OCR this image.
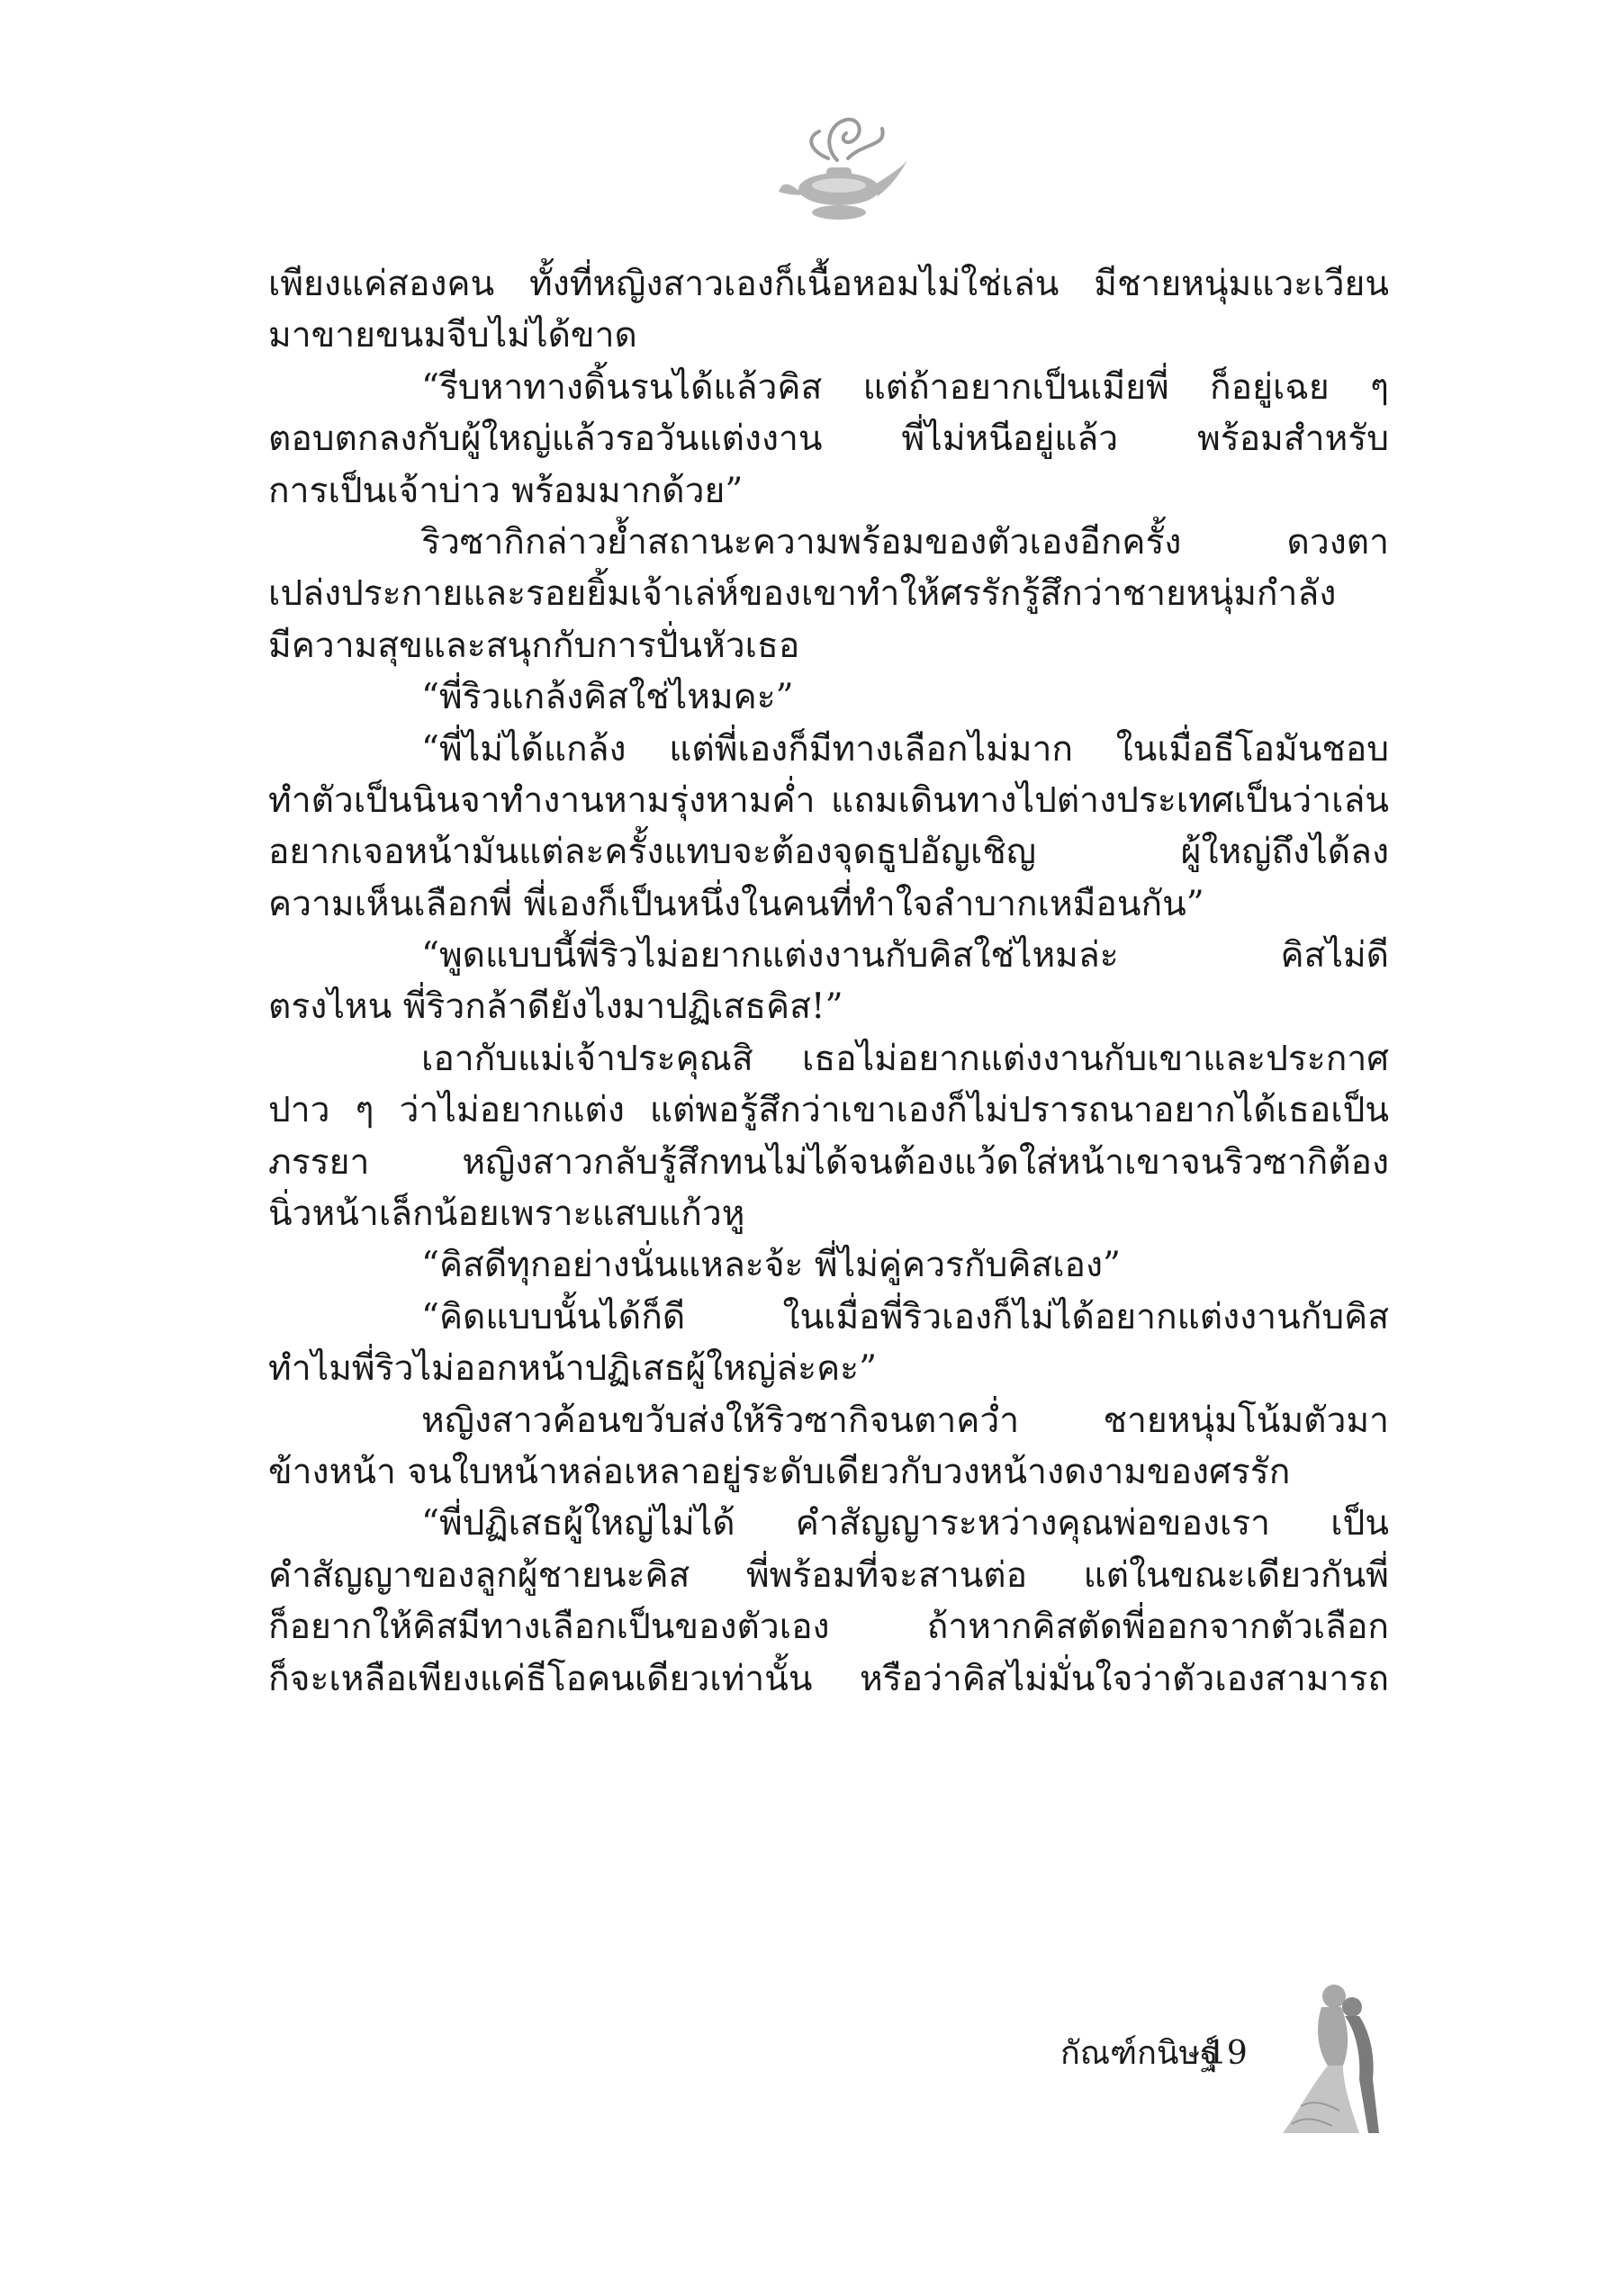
เพียงแค่สองคน ทั้งที่หญิงสาวเองก็เนื้อหอมไม่ใช่เล่น มีชายหนุ่มแวะเวียน
มาขายขนมจีบไม่ได้ขาด
“รีบหาทางดิ้นรนได้แล้วคิส แต่ถ้าอยากเป็นเมียพี่ ก็อยู่เฉย ๆ
ตอบตกลงกับผู้ใหญ่แล้วรอวันแต่งงาน พี่ไม่หนีอยู่แล้ว พร้อมสำหรับ
การเป็นเจ้าบ่าว พร้อมมากด้วย”
ริวซากิกล่าวย้ำสถานะความพร้อมของตัวเองอีกครั้ง ดวงตา
เปล่งประกายและรอยยิ้มเจ้าเล่ห์ของเขาทำให้ศรรักรู้สึกว่าชายหนุ่มกำลัง
มีความสุขและสนุกกับการปั่นหัวเธอ
“พี่ริวแกล้งคิสใช่ไหมคะ”
“พี่ไม่ได้แกล้ง แต่พี่เองก็มีทางเลือกไม่มาก ในเมื่อธีโอมันชอบ
ทำตัวเป็นนินจาทำงานหามรุ่งหามค่ำ แถมเดินทางไปต่างประเทศเป็นว่าเล่น
อยากเจอหน้ามันแต่ละครั้งแทบจะต้องจุดธูปอัญเชิญ ผู้ใหญ่ถึงได้ลง
ความเห็นเลือกพี่ พี่เองก็เป็นหนึ่งในคนที่ทำใจลำบากเหมือนกัน”
“พูดแบบนี้พี่ริวไม่อยากแต่งงานกับคิสใช่ไหมล่ะ คิสไม่ดี
ตรงไหน พี่ริวกล้าดียังไงมาปฏิเสธคิส!”
เอากับแม่เจ้าประคุณสิ เธอไม่อยากแต่งงานกับเขาและประกาศ
ปาว ๆ ว่าไม่อยากแต่ง แต่พอรู้สึกว่าเขาเองก็ไม่ปรารถนาอยากได้เธอเป็น
ภรรยา หญิงสาวกลับรู้สึกทนไม่ได้จนต้องแว้ดใส่หน้าเขาจนริวซากิต้อง
นิ่วหน้าเล็กน้อยเพราะแสบแก้วหู
“คิสดีทุกอย่างนั่นแหละจ้ะ พี่ไม่คู่ควรกับคิสเอง”
“คิดแบบนั้นได้ก็ดี ในเมื่อพี่ริวเองก็ไม่ได้อยากแต่งงานกับคิส
ทำไมพี่ริวไม่ออกหน้าปฏิเสธผู้ใหญ่ล่ะคะ”
หญิงสาวค้อนขวับส่งให้ริวซากิจนตาคว่ำ ชายหนุ่มโน้มตัวมา
ข้างหน้า จนใบหน้าหล่อเหลาอยู่ระดับเดียวกับวงหน้างดงามของศรรัก
“พี่ปฏิเสธผู้ใหญ่ไม่ได้ คำสัญญาระหว่างคุณพ่อของเรา เป็น
คำสัญญาของลูกผู้ชายนะคิส พี่พร้อมที่จะสานต่อ แต่ในขณะเดียวกันพี่
ก็อยากให้คิสมีทางเลือกเป็นของตัวเอง ถ้าหากคิสตัดพี่ออกจากตัวเลือก
ก็จะเหลือเพียงแค่ธีโอคนเดียวเท่านั้น หรือว่าคิสไม่มั่นใจว่าตัวเองสามารถ
กัณฑ์กนิษฐ์
19
